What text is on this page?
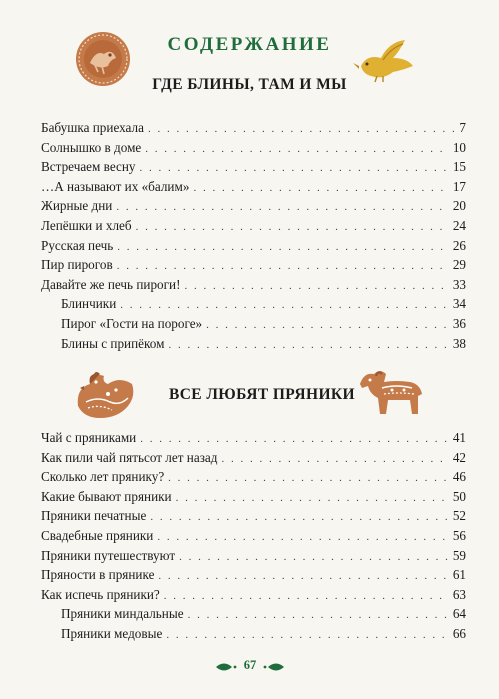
СОДЕРЖАНИЕ
ГДЕ БЛИНЫ, ТАМ И МЫ
Бабушка приехала . . .	7
Солнышко в доме . . .	10
Встречаем весну . . .	15
…А называют их «балим» . . .	17
Жирные дни . . .	20
Лепёшки и хлеб . . .	24
Русская печь . . .	26
Пир пирогов . . .	29
Давайте же печь пироги! . . .	33
Блинчики . . .	34
Пирог «Гости на пороге» . . .	36
Блины с припёком . . .	38
ВСЕ ЛЮБЯТ ПРЯНИКИ
Чай с пряниками . . .	41
Как пили чай пятьсот лет назад . . .	42
Сколько лет прянику? . . .	46
Какие бывают пряники . . .	50
Пряники печатные . . .	52
Свадебные пряники . . .	56
Пряники путешествуют . . .	59
Пряности в прянике . . .	61
Как испечь пряники? . . .	63
Пряники миндальные . . .	64
Пряники медовые . . .	66
67
